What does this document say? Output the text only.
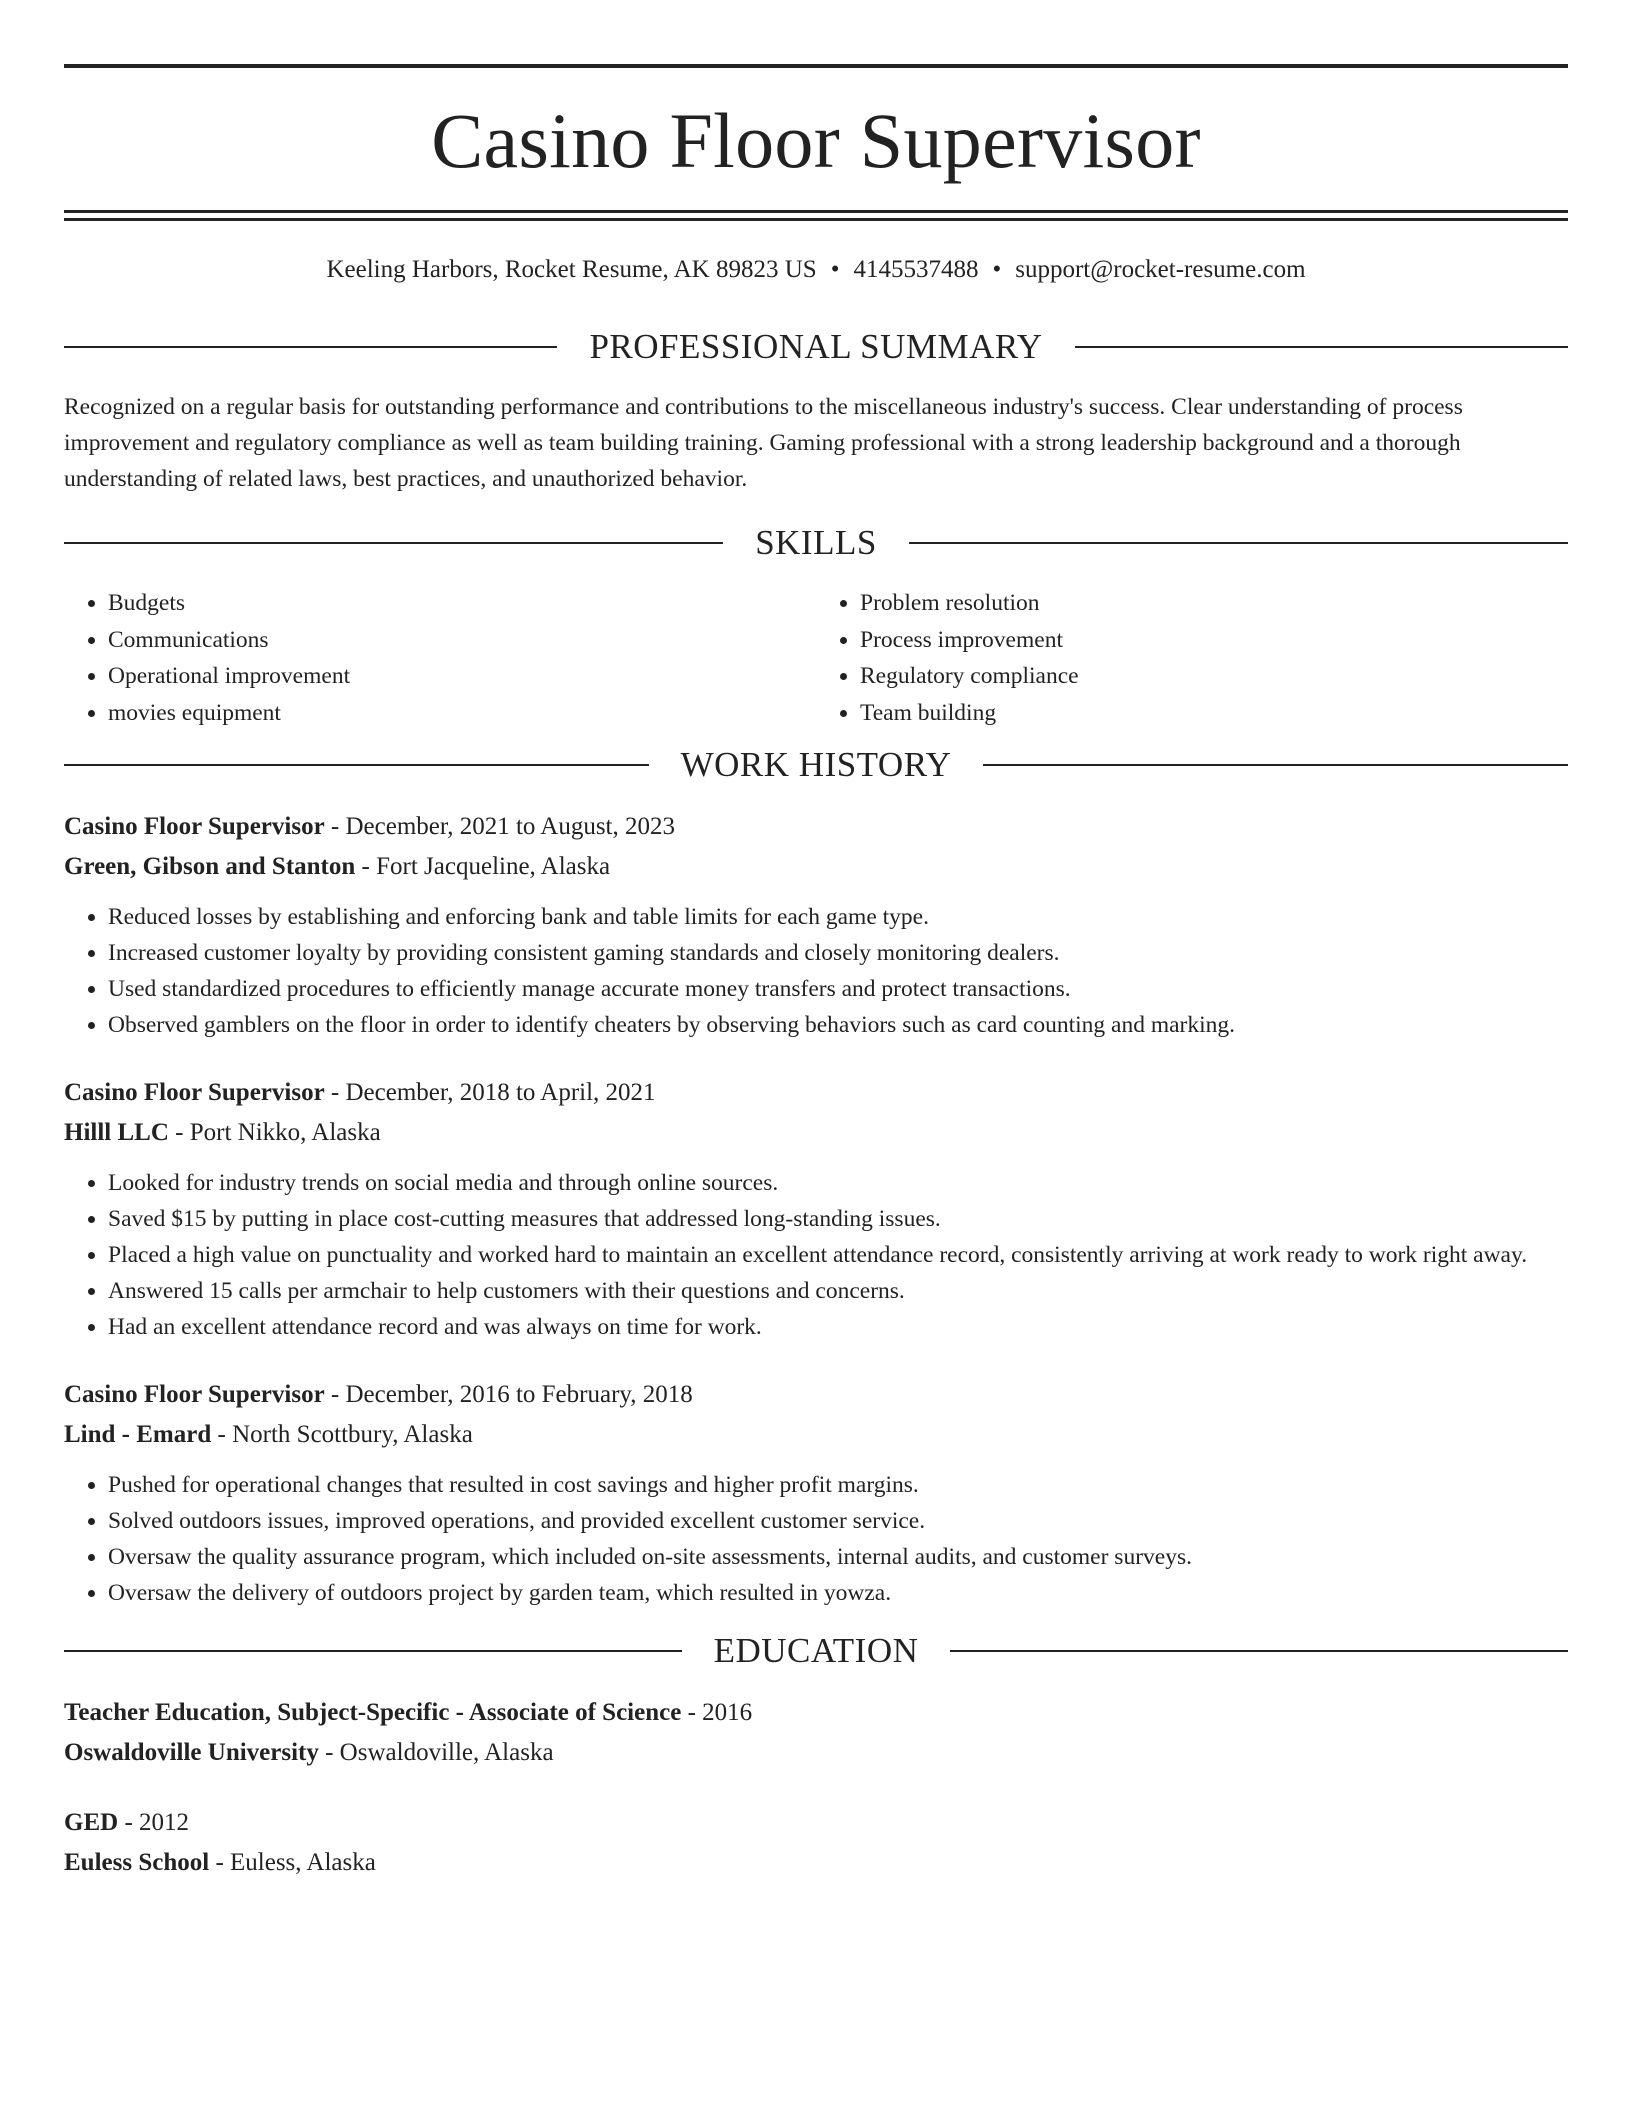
Casino Floor Supervisor
Keeling Harbors, Rocket Resume, AK 89823 US • 4145537488 • support@rocket-resume.com
PROFESSIONAL SUMMARY
Recognized on a regular basis for outstanding performance and contributions to the miscellaneous industry's success. Clear understanding of process improvement and regulatory compliance as well as team building training. Gaming professional with a strong leadership background and a thorough understanding of related laws, best practices, and unauthorized behavior.
SKILLS
• Budgets
• Communications
• Operational improvement
• movies equipment
• Problem resolution
• Process improvement
• Regulatory compliance
• Team building
WORK HISTORY
Casino Floor Supervisor - December, 2021 to August, 2023
Green, Gibson and Stanton - Fort Jacqueline, Alaska
• Reduced losses by establishing and enforcing bank and table limits for each game type.
• Increased customer loyalty by providing consistent gaming standards and closely monitoring dealers.
• Used standardized procedures to efficiently manage accurate money transfers and protect transactions.
• Observed gamblers on the floor in order to identify cheaters by observing behaviors such as card counting and marking.
Casino Floor Supervisor - December, 2018 to April, 2021
Hilll LLC - Port Nikko, Alaska
• Looked for industry trends on social media and through online sources.
• Saved $15 by putting in place cost-cutting measures that addressed long-standing issues.
• Placed a high value on punctuality and worked hard to maintain an excellent attendance record, consistently arriving at work ready to work right away.
• Answered 15 calls per armchair to help customers with their questions and concerns.
• Had an excellent attendance record and was always on time for work.
Casino Floor Supervisor - December, 2016 to February, 2018
Lind - Emard - North Scottbury, Alaska
• Pushed for operational changes that resulted in cost savings and higher profit margins.
• Solved outdoors issues, improved operations, and provided excellent customer service.
• Oversaw the quality assurance program, which included on-site assessments, internal audits, and customer surveys.
• Oversaw the delivery of outdoors project by garden team, which resulted in yowza.
EDUCATION
Teacher Education, Subject-Specific - Associate of Science - 2016
Oswaldoville University - Oswaldoville, Alaska
GED - 2012
Euless School - Euless, Alaska
